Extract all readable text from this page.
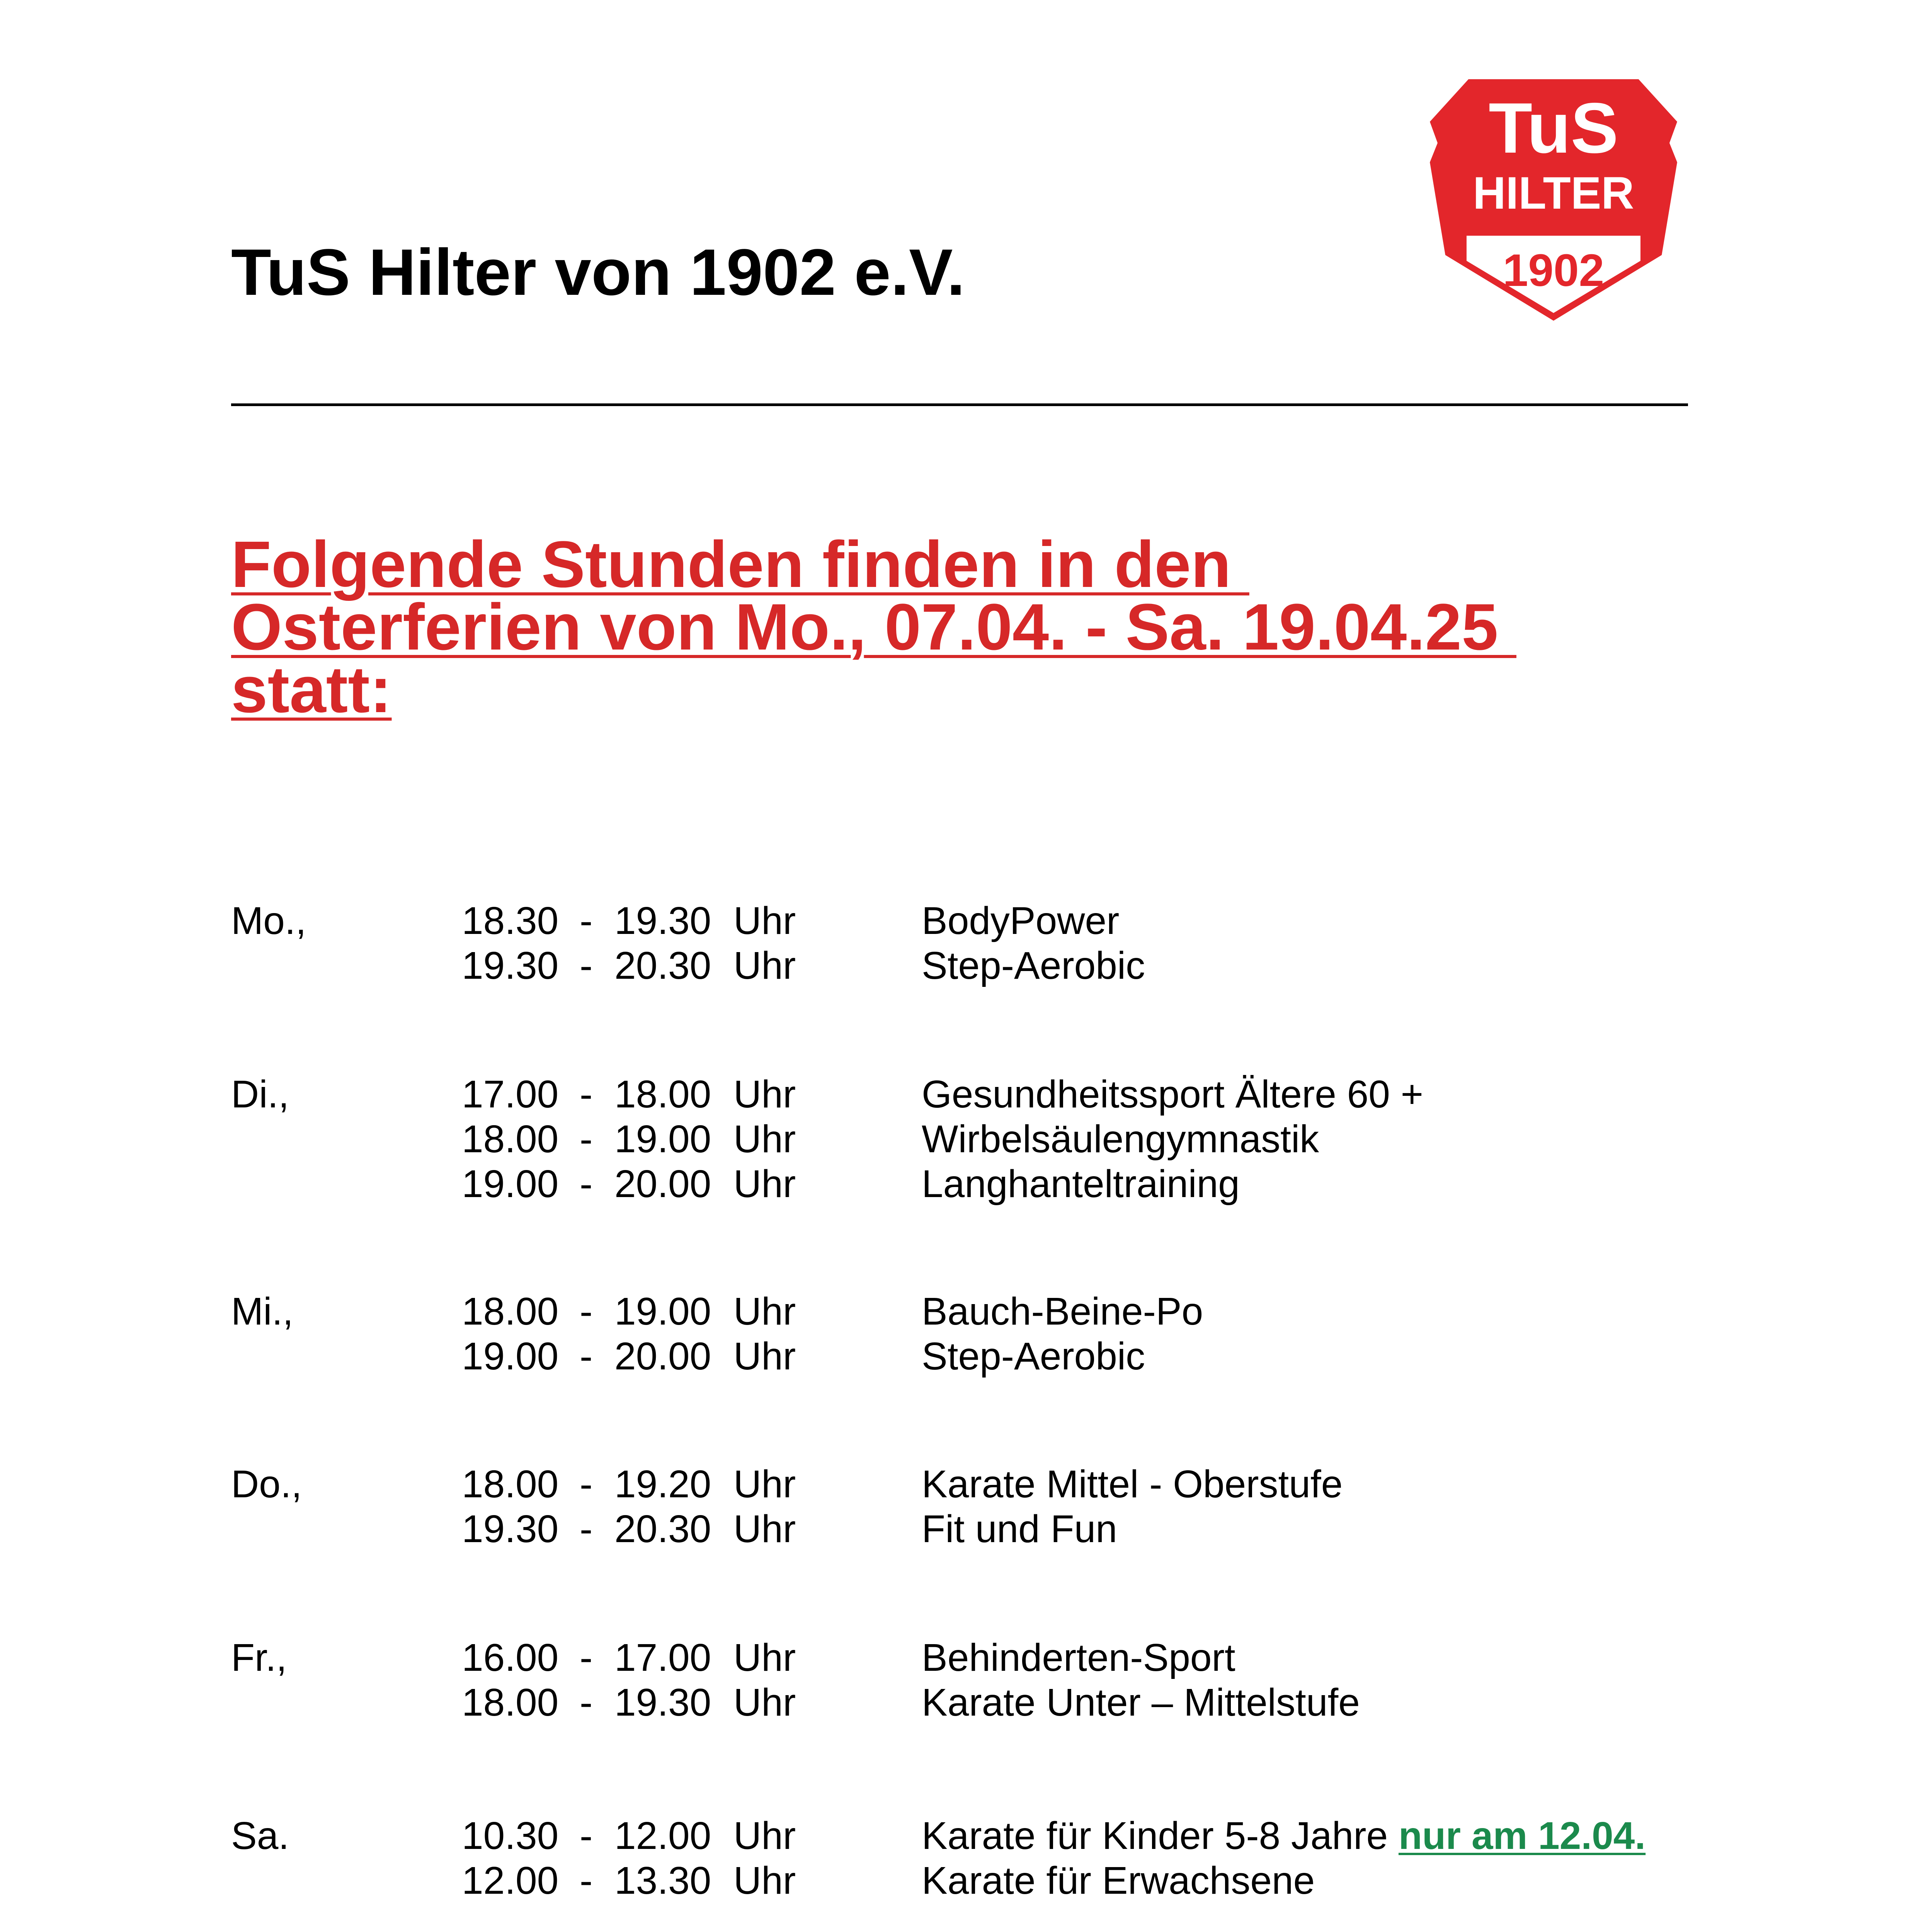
TuS Hilter von 1902 e.V.
TuS
HILTER
1902
Folgende Stunden finden in den
Osterferien von Mo., 07.04. - Sa. 19.04.25
statt:
Mo.,	18.30 - 19.30 Uhr	BodyPower
19.30 - 20.30 Uhr	Step-Aerobic
Di.,	17.00 - 18.00 Uhr	Gesundheitssport Ältere 60 +
18.00 - 19.00 Uhr	Wirbelsäulengymnastik
19.00 - 20.00 Uhr	Langhanteltraining
Mi.,	18.00 - 19.00 Uhr	Bauch-Beine-Po
19.00 - 20.00 Uhr	Step-Aerobic
Do.,	18.00 - 19.20 Uhr	Karate Mittel - Oberstufe
19.30 - 20.30 Uhr	Fit und Fun
Fr.,	16.00 - 17.00 Uhr	Behinderten-Sport
18.00 - 19.30 Uhr	Karate Unter – Mittelstufe
Sa.	10.30 - 12.00 Uhr	Karate für Kinder 5-8 Jahre nur am 12.04.
12.00 - 13.30 Uhr	Karate für Erwachsene
